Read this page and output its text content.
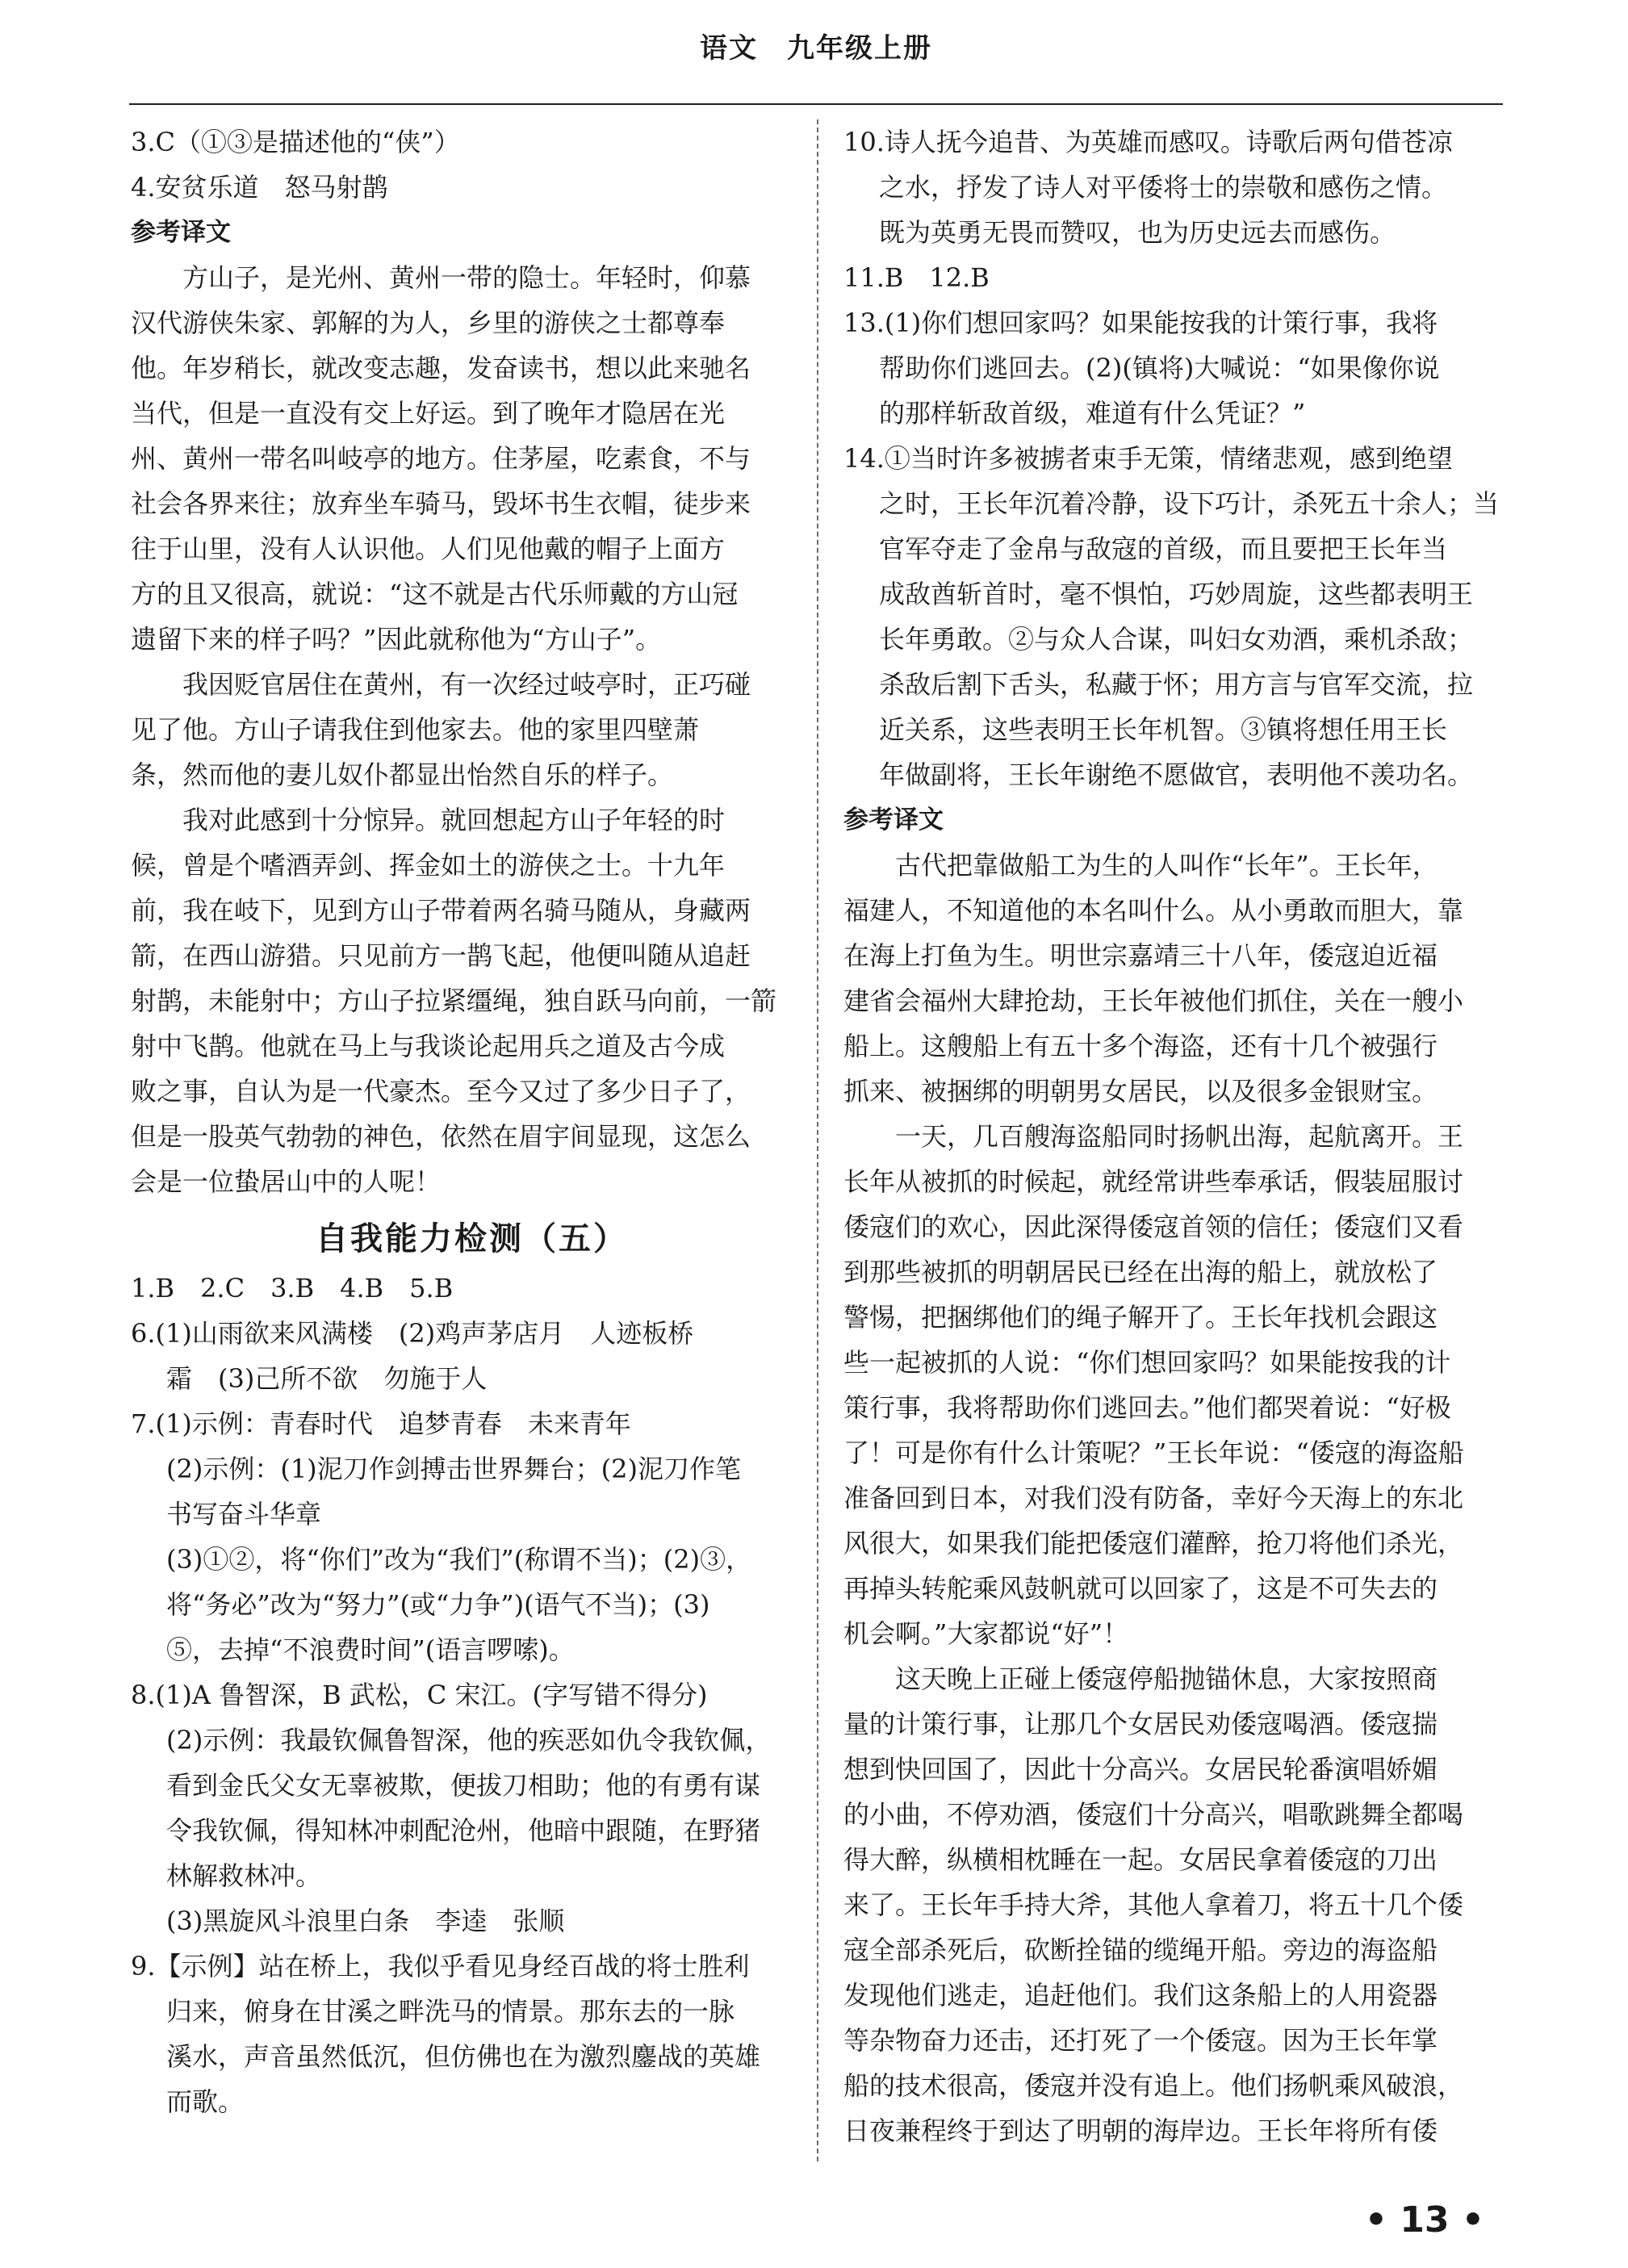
语文　九年级上册
3.C（①③是描述他的“侠”）
4.安贫乐道　怒马射鹊
参考译文
方山子，是光州、黄州一带的隐士。年轻时，仰慕
汉代游侠朱家、郭解的为人，乡里的游侠之士都尊奉
他。年岁稍长，就改变志趣，发奋读书，想以此来驰名
当代，但是一直没有交上好运。到了晚年才隐居在光
州、黄州一带名叫岐亭的地方。住茅屋，吃素食，不与
社会各界来往；放弃坐车骑马，毁坏书生衣帽，徒步来
往于山里，没有人认识他。人们见他戴的帽子上面方
方的且又很高，就说：“这不就是古代乐师戴的方山冠
遗留下来的样子吗？”因此就称他为“方山子”。
我因贬官居住在黄州，有一次经过岐亭时，正巧碰
见了他。方山子请我住到他家去。他的家里四壁萧
条，然而他的妻儿奴仆都显出怡然自乐的样子。
我对此感到十分惊异。就回想起方山子年轻的时
候，曾是个嗜酒弄剑、挥金如土的游侠之士。十九年
前，我在岐下，见到方山子带着两名骑马随从，身藏两
箭，在西山游猎。只见前方一鹊飞起，他便叫随从追赶
射鹊，未能射中；方山子拉紧缰绳，独自跃马向前，一箭
射中飞鹊。他就在马上与我谈论起用兵之道及古今成
败之事，自认为是一代豪杰。至今又过了多少日子了，
但是一股英气勃勃的神色，依然在眉宇间显现，这怎么
会是一位蛰居山中的人呢！
自我能力检测（五）
1.B　2.C　3.B　4.B　5.B
6.(1)山雨欲来风满楼　(2)鸡声茅店月　人迹板桥
霜　(3)己所不欲　勿施于人
7.(1)示例：青春时代　追梦青春　未来青年
(2)示例：(1)泥刀作剑搏击世界舞台；(2)泥刀作笔
书写奋斗华章
(3)①②，将“你们”改为“我们”(称谓不当)；(2)③，
将“务必”改为“努力”(或“力争”)(语气不当)；(3)
⑤，去掉“不浪费时间”(语言啰嗦)。
8.(1)A 鲁智深，B 武松，C 宋江。(字写错不得分)
(2)示例：我最钦佩鲁智深，他的疾恶如仇令我钦佩，
看到金氏父女无辜被欺，便拔刀相助；他的有勇有谋
令我钦佩，得知林冲刺配沧州，他暗中跟随，在野猪
林解救林冲。
(3)黑旋风斗浪里白条　李逵　张顺
9.【示例】站在桥上，我似乎看见身经百战的将士胜利
归来，俯身在甘溪之畔洗马的情景。那东去的一脉
溪水，声音虽然低沉，但仿佛也在为激烈鏖战的英雄
而歌。
10.诗人抚今追昔、为英雄而感叹。诗歌后两句借苍凉
之水，抒发了诗人对平倭将士的崇敬和感伤之情。
既为英勇无畏而赞叹，也为历史远去而感伤。
11.B　12.B
13.(1)你们想回家吗？如果能按我的计策行事，我将
帮助你们逃回去。(2)(镇将)大喊说：“如果像你说
的那样斩敌首级，难道有什么凭证？”
14.①当时许多被掳者束手无策，情绪悲观，感到绝望
之时，王长年沉着冷静，设下巧计，杀死五十余人；当
官军夺走了金帛与敌寇的首级，而且要把王长年当
成敌酋斩首时，毫不惧怕，巧妙周旋，这些都表明王
长年勇敢。②与众人合谋，叫妇女劝酒，乘机杀敌；
杀敌后割下舌头，私藏于怀；用方言与官军交流，拉
近关系，这些表明王长年机智。③镇将想任用王长
年做副将，王长年谢绝不愿做官，表明他不羡功名。
参考译文
古代把靠做船工为生的人叫作“长年”。王长年，
福建人，不知道他的本名叫什么。从小勇敢而胆大，靠
在海上打鱼为生。明世宗嘉靖三十八年，倭寇迫近福
建省会福州大肆抢劫，王长年被他们抓住，关在一艘小
船上。这艘船上有五十多个海盗，还有十几个被强行
抓来、被捆绑的明朝男女居民，以及很多金银财宝。
一天，几百艘海盗船同时扬帆出海，起航离开。王
长年从被抓的时候起，就经常讲些奉承话，假装屈服讨
倭寇们的欢心，因此深得倭寇首领的信任；倭寇们又看
到那些被抓的明朝居民已经在出海的船上，就放松了
警惕，把捆绑他们的绳子解开了。王长年找机会跟这
些一起被抓的人说：“你们想回家吗？如果能按我的计
策行事，我将帮助你们逃回去。”他们都哭着说：“好极
了！可是你有什么计策呢？”王长年说：“倭寇的海盗船
准备回到日本，对我们没有防备，幸好今天海上的东北
风很大，如果我们能把倭寇们灌醉，抢刀将他们杀光，
再掉头转舵乘风鼓帆就可以回家了，这是不可失去的
机会啊。”大家都说“好”！
这天晚上正碰上倭寇停船抛锚休息，大家按照商
量的计策行事，让那几个女居民劝倭寇喝酒。倭寇揣
想到快回国了，因此十分高兴。女居民轮番演唱娇媚
的小曲，不停劝酒，倭寇们十分高兴，唱歌跳舞全都喝
得大醉，纵横相枕睡在一起。女居民拿着倭寇的刀出
来了。王长年手持大斧，其他人拿着刀，将五十几个倭
寇全部杀死后，砍断拴锚的缆绳开船。旁边的海盗船
发现他们逃走，追赶他们。我们这条船上的人用瓷器
等杂物奋力还击，还打死了一个倭寇。因为王长年掌
船的技术很高，倭寇并没有追上。他们扬帆乘风破浪，
日夜兼程终于到达了明朝的海岸边。王长年将所有倭
• 13 •
